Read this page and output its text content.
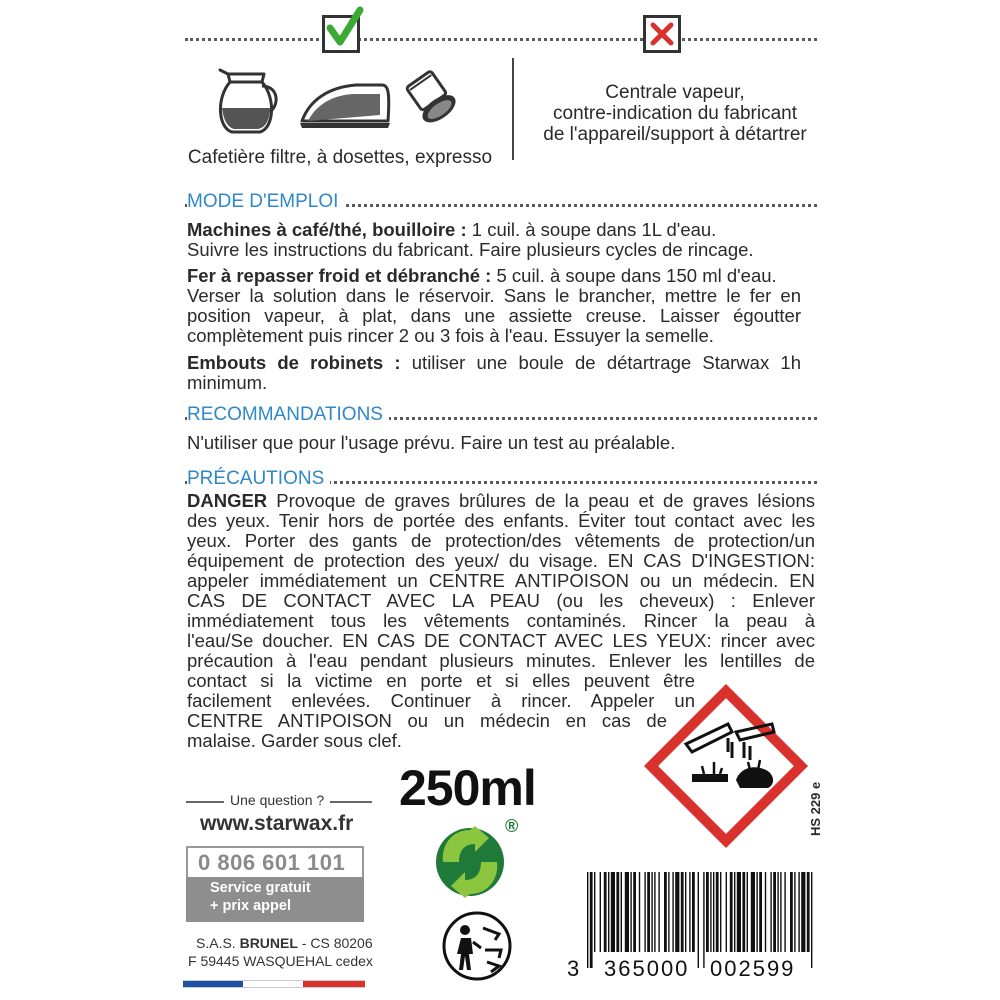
Cafetière filtre, à dosettes, expresso
Centrale vapeur,
contre-indication du fabricant
de l'appareil/support à détartrer
MODE D'EMPLOI
Machines à café/thé, bouilloire : 1 cuil. à soupe dans 1L d'eau.
Suivre les instructions du fabricant. Faire plusieurs cycles de rincage.
Fer à repasser froid et débranché : 5 cuil. à soupe dans 150 ml d'eau.
Verser la solution dans le réservoir. Sans le brancher, mettre le fer en
position vapeur, à plat, dans une assiette creuse. Laisser égoutter
complètement puis rincer 2 ou 3 fois à l'eau. Essuyer la semelle.
Embouts de robinets : utiliser une boule de détartrage Starwax 1h
minimum.
RECOMMANDATIONS
N'utiliser que pour l'usage prévu. Faire un test au préalable.
PRÉCAUTIONS
DANGER Provoque de graves brûlures de la peau et de graves lésions
des yeux. Tenir hors de portée des enfants. Éviter tout contact avec les
yeux. Porter des gants de protection/des vêtements de protection/un
équipement de protection des yeux/ du visage. EN CAS D'INGESTION:
appeler immédiatement un CENTRE ANTIPOISON ou un médecin. EN
CAS DE CONTACT AVEC LA PEAU (ou les cheveux) : Enlever
immédiatement tous les vêtements contaminés. Rincer la peau à
l'eau/Se doucher. EN CAS DE CONTACT AVEC LES YEUX: rincer avec
précaution à l'eau pendant plusieurs minutes. Enlever les lentilles de
contact si la victime en porte et si elles peuvent être
facilement enlevées. Continuer à rincer. Appeler un
CENTRE ANTIPOISON ou un médecin en cas de
malaise. Garder sous clef.
HS 229 e
250ml
®
Une question ?
www.starwax.fr
0 806 601 101
Service gratuit
+ prix appel
S.A.S. BRUNEL - CS 80206
F 59445 WASQUEHAL cedex	3 365000 002599
